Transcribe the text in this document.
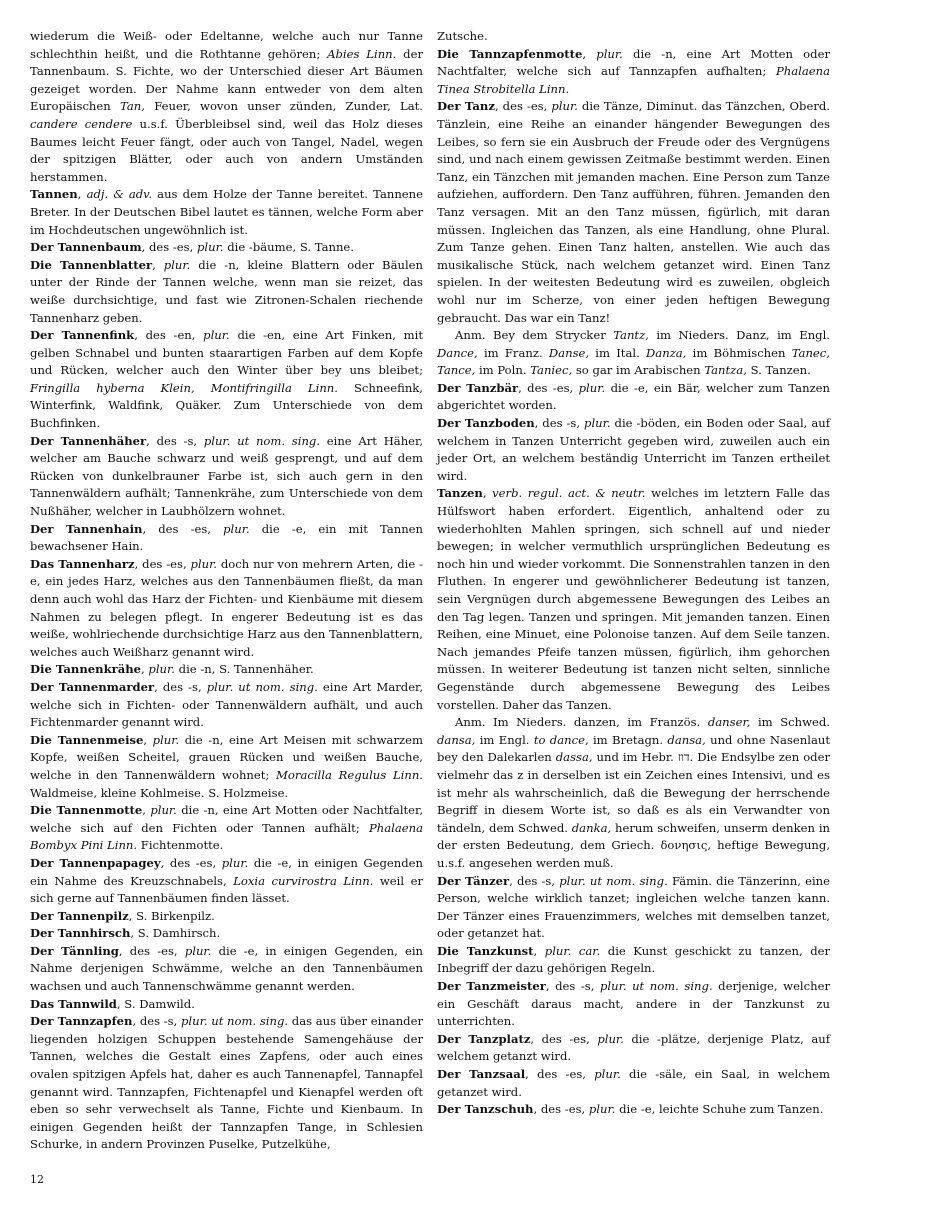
wiederum die Weiß- oder Edeltanne, welche auch nur Tanne schlechthin heißt, und die Rothtanne gehören; Abies Linn. der Tannenbaum. S. Fichte, wo der Unterschied dieser Art Bäumen gezeiget worden. Der Nahme kann entweder von dem alten Europäischen Tan, Feuer, wovon unser zünden, Zunder, Lat. candere cendere u.s.f. Überbleibsel sind, weil das Holz dieses Baumes leicht Feuer fängt, oder auch von Tangel, Nadel, wegen der spitzigen Blätter, oder auch von andern Umständen herstammen.

Tannen, adj. & adv. aus dem Holze der Tanne bereitet. Tannene Breter. In der Deutschen Bibel lautet es tännen, welche Form aber im Hochdeutschen ungewöhnlich ist.

Der Tannenbaum, des -es, plur. die -bäume, S. Tanne.

Die Tannenblatter, plur. die -n, kleine Blattern oder Bäulen unter der Rinde der Tannen welche, wenn man sie reizet, das weiße durchsichtige, und fast wie Zitronen-Schalen riechende Tannenharz geben.

Der Tannenfink, des -en, plur. die -en, eine Art Finken, mit gelben Schnabel und bunten staarartigen Farben auf dem Kopfe und Rücken, welcher auch den Winter über bey uns bleibet; Fringilla hyberna Klein, Montifringilla Linn. Schneefink, Winterfink, Waldfink, Quäker. Zum Unterschiede von dem Buchfinken.

Der Tannenhäher, des -s, plur. ut nom. sing. eine Art Häher, welcher am Bauche schwarz und weiß gesprengt, und auf dem Rücken von dunkelbrauner Farbe ist, sich auch gern in den Tannenwäldern aufhält; Tannenkrähe, zum Unterschiede von dem Nußhäher, welcher in Laubhölzern wohnet.

Der Tannenhain, des -es, plur. die -e, ein mit Tannen bewachsener Hain.

Das Tannenharz, des -es, plur. doch nur von mehrern Arten, die -e, ein jedes Harz, welches aus den Tannenbäumen fließt, da man denn auch wohl das Harz der Fichten- und Kienbäume mit diesem Nahmen zu belegen pflegt. In engerer Bedeutung ist es das weiße, wohlriechende durchsichtige Harz aus den Tannenblattern, welches auch Weißharz genannt wird.

Die Tannenkrähe, plur. die -n, S. Tannenhäher.

Der Tannenmarder, des -s, plur. ut nom. sing. eine Art Marder, welche sich in Fichten- oder Tannenwäldern aufhält, und auch Fichtenmarder genannt wird.

Die Tannenmeise, plur. die -n, eine Art Meisen mit schwarzem Kopfe, weißen Scheitel, grauen Rücken und weißen Bauche, welche in den Tannenwäldern wohnet; Moracilla Regulus Linn. Waldmeise, kleine Kohlmeise. S. Holzmeise.

Die Tannenmotte, plur. die -n, eine Art Motten oder Nachtfalter, welche sich auf den Fichten oder Tannen aufhält; Phalaena Bombyx Pini Linn. Fichtenmotte.

Der Tannenpapagey, des -es, plur. die -e, in einigen Gegenden ein Nahme des Kreuzschnabels, Loxia curvirostra Linn. weil er sich gerne auf Tannenbäumen finden lässet.

Der Tannenpilz, S. Birkenpilz.

Der Tannhirsch, S. Damhirsch.

Der Tännling, des -es, plur. die -e, in einigen Gegenden, ein Nahme derjenigen Schwämme, welche an den Tannenbäumen wachsen und auch Tannenschwämme genannt werden.

Das Tannwild, S. Damwild.

Der Tannzapfen, des -s, plur. ut nom. sing. das aus über einander liegenden holzigen Schuppen bestehende Samengehäuse der Tannen, welches die Gestalt eines Zapfens, oder auch eines ovalen spitzigen Apfels hat, daher es auch Tannenapfel, Tannapfel genannt wird. Tannzapfen, Fichtenapfel und Kienapfel werden oft eben so sehr verwechselt als Tanne, Fichte und Kienbaum. In einigen Gegenden heißt der Tannzapfen Tange, in Schlesien Schurke, in andern Provinzen Puselke, Putzelkühe,

Zutsche.

Die Tannzapfenmotte, plur. die -n, eine Art Motten oder Nachtfalter, welche sich auf Tannzapfen aufhalten; Phalaena Tinea Strobitella Linn.

Der Tanz, des -es, plur. die Tänze, Diminut. das Tänzchen, Oberd. Tänzlein, eine Reihe an einander hängender Bewegungen des Leibes, so fern sie ein Ausbruch der Freude oder des Vergnügens sind, und nach einem gewissen Zeitmaße bestimmt werden. Einen Tanz, ein Tänzchen mit jemanden machen. Eine Person zum Tanze aufziehen, auffordern. Den Tanz aufführen, führen. Jemanden den Tanz versagen. Mit an den Tanz müssen, figürlich, mit daran müssen. Ingleichen das Tanzen, als eine Handlung, ohne Plural. Zum Tanze gehen. Einen Tanz halten, anstellen. Wie auch das musikalische Stück, nach welchem getanzet wird. Einen Tanz spielen. In der weitesten Bedeutung wird es zuweilen, obgleich wohl nur im Scherze, von einer jeden heftigen Bewegung gebraucht. Das war ein Tanz!

Anm. Bey dem Strycker Tantz, im Nieders. Danz, im Engl. Dance, im Franz. Danse, im Ital. Danza, im Böhmischen Tanec, Tance, im Poln. Taniec, so gar im Arabischen Tantza, S. Tanzen.

Der Tanzbär, des -es, plur. die -e, ein Bär, welcher zum Tanzen abgerichtet worden.

Der Tanzboden, des -s, plur. die -böden, ein Boden oder Saal, auf welchem in Tanzen Unterricht gegeben wird, zuweilen auch ein jeder Ort, an welchem beständig Unterricht im Tanzen ertheilet wird.

Tanzen, verb. regul. act. & neutr. welches im letztern Falle das Hülfswort haben erfordert. Eigentlich, anhaltend oder zu wiederhohlten Mahlen springen, sich schnell auf und nieder bewegen; in welcher vermuthlich ursprünglichen Bedeutung es noch hin und wieder vorkommt. Die Sonnenstrahlen tanzen in den Fluthen. In engerer und gewöhnlicherer Bedeutung ist tanzen, sein Vergnügen durch abgemessene Bewegungen des Leibes an den Tag legen. Tanzen und springen. Mit jemanden tanzen. Einen Reihen, eine Minuet, eine Polonoise tanzen. Auf dem Seile tanzen. Nach jemandes Pfeife tanzen müssen, figürlich, ihm gehorchen müssen. In weiterer Bedeutung ist tanzen nicht selten, sinnliche Gegenstände durch abgemessene Bewegung des Leibes vorstellen. Daher das Tanzen.

Anm. Im Nieders. danzen, im Französ. danser, im Schwed. dansa, im Engl. to dance, im Bretagn. dansa, und ohne Nasenlaut bey den Dalekarlen dassa, und im Hebr. דוז. Die Endsylbe zen oder vielmehr das z in derselben ist ein Zeichen eines Intensivi, und es ist mehr als wahrscheinlich, daß die Bewegung der herrschende Begriff in diesem Worte ist, so daß es als ein Verwandter von tändeln, dem Schwed. danka, herum schweifen, unserm denken in der ersten Bedeutung, dem Griech. δονησις, heftige Bewegung, u.s.f. angesehen werden muß.

Der Tänzer, des -s, plur. ut nom. sing. Fämin. die Tänzerinn, eine Person, welche wirklich tanzet; ingleichen welche tanzen kann. Der Tänzer eines Frauenzimmers, welches mit demselben tanzet, oder getanzet hat.

Die Tanzkunst, plur. car. die Kunst geschickt zu tanzen, der Inbegriff der dazu gehörigen Regeln.

Der Tanzmeister, des -s, plur. ut nom. sing. derjenige, welcher ein Geschäft daraus macht, andere in der Tanzkunst zu unterrichten.

Der Tanzplatz, des -es, plur. die -plätze, derjenige Platz, auf welchem getanzt wird.

Der Tanzsaal, des -es, plur. die -säle, ein Saal, in welchem getanzet wird.

Der Tanzschuh, des -es, plur. die -e, leichte Schuhe zum Tanzen.

12
